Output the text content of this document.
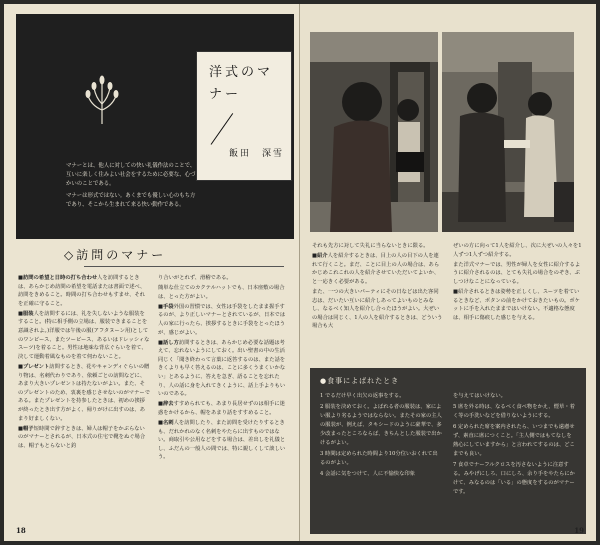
マナーとは、他人に対しての快い礼儀作法のことで、互いに楽しく住みよい社会をするために必要な、心づかいのことである。

マナーは形式ではない。あくまでも優しい心のもち方であり、そこから生まれて来る快い動作である。

洋式のマナー
飯田　深雪
◇訪問のマナー

■訪問の希望と日時の打ち合わせ人を訪問するときは、あらかじめ訪問の希望を電話または書面で述べ、訪問をきめること。時間の打ち合わせもすませ、それを正確に守ること。

■服装人を訪問するには、礼を失しないような服装をすること。(特に相手側の立場は、服装できまることを意識されよ。)洋服では午後の服(アフタヌーン用)としてのワンピース、またツーピース、あるいはドレッシィなスーツ)を着ること。男性は地味な背広ぐらいを着て、決して運動着風なものを着て伺わないこと。

■プレゼント訪問するとき、花やキャンディぐらいの贈り物は、名刺代わりであり、依頼ごとの訪問などに、あまり大きいプレゼントは持たないがよい。また、そのプレゼントのため、衷裏を感じさせないのがマナーである。またプレゼントを持参したときは、初めの挨拶が終ったとき出す方がよく、帰りがけに出すのは、あまり好ましくない。

■帽子短時間で辞すときは、婦人は帽子をかぶらないのがマナーとされるが、日本式の住宅で靴をぬぐ場合は、帽子もとらないと釣

り合いがとれず、滑稽である。

簡単な仕立てのカクテルハットでも、日本座敷の場合は、とった方がよい。

■手袋外国の習慣では、女性は手袋をしたまま握手するのが、より正しいマナーとされているが、日本では人の家に行ったら、挨拶するときに手袋をとったほうが、感じがよい。

■話し方訪問するときは、あらかじめ必要な話題は考えて、忘れないようにしておく。出い聖書の中の生活同じく「聞き終わって言葉に返答するのは、また話をきくよりも早く答えるのは、ことに多くうまくいかない」とあるように、答えを急ぎ、語ることを忘れたり、人の話に身を入れてきくように、話上手よりもいいのである。

■辞去すすめられても、あまり長居せずのは相手に迷惑をかけるから、帽をあまり話をすすめること。

■名刺人を訪問したり、また訪問を受けたりするときも、だれかれのなく名刺をやたらに出すものではない。商取引や公用などをする場合は、差出しを礼儀とし、ふだんの一般人の間では、特に親しくして談しいう。

18

それも先方に対して失礼に当らないときに限る。

■紹介人を紹介するときは、目上の人の目下の人を連れて行くこと。まだ、ことに目上の人の場合は、あらかじめこれこれの人を紹介させていただいてよいか、と一応きく必要がある。

また、一つの大きいパーティにその日などは出た客同志は、だいたい互いに紹介しあってよいものとみなし、なるべく知人を紹介し合ったほうがよい。大ぜいの場合は同じく、1人の人を紹介するときは、どういう場合も大

ぜいの方に向って1人を紹介し、次に大ぜいの人々を1人ずつ1人ずつ紹介する。

また洋式マナーでは、男性が婦人を女性に紹介するように紹介されるのは、とても失礼の場合をのぞき、ぶしつけなことになっている。

■紹介されるときは姿勢を正しくし、スーツを着ているときなど、ボタンの前をかけておきたいもの。ポケットに手を入れたままではいけない。不適格な態度は、相手に傷痕した感じを与える。

●食事によばれたとき

1 でるだけ早く出欠の返事をする。

2 服装を決めておく。よばれる者の服装は、家によい服より劣るようではならない。またその家の主人の服装が、例えば、タキシードのように豪華で、多少改まったところならば、きちんとした服装で出かけるがよい。

3 時間は定められた時間より10分位いおくれて出るのがよい。

4 会話に気をつけて、人に不愉快な印象

を与えてはいけない。

5 席を外る時は、なるべく食べ物をかえ、煙草・着く等の手洗いなどを借りないようにする。

6 定められた席を案内されたら、いつまでも遠慮せず、素直に席につくこと。「主人側ではもてなしを熱心にしていますから」と言われてするのは、どこまでも良い。

7 食卓でナーフルクロスを汚さないように注意する。みやげにしろ、口にしろ、余り手をやたらにかけて、みなるのは「いる」の態度をするのがマナーです。

19
